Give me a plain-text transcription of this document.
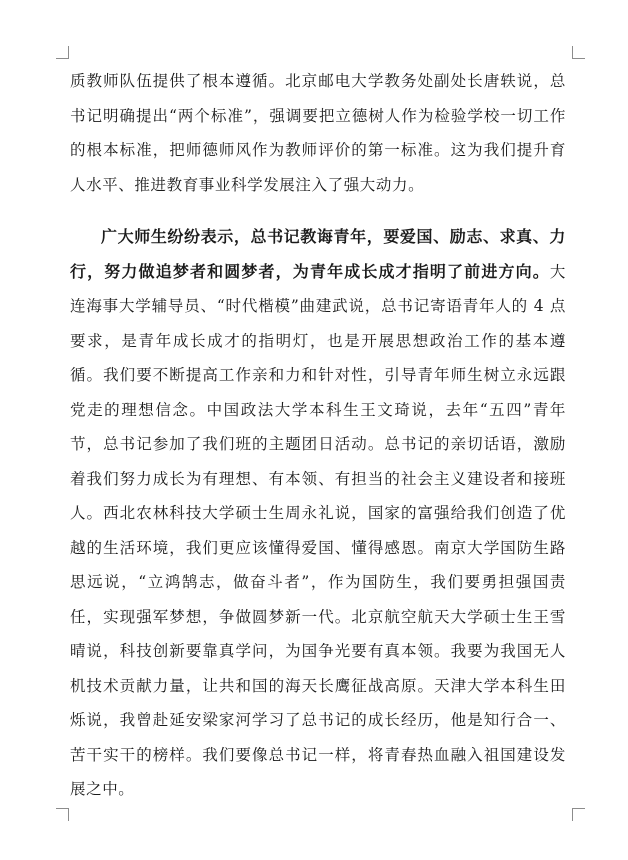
质教师队伍提供了根本遵循。北京邮电大学教务处副处长唐轶说，总书记明确提出“两个标准”，强调要把立德树人作为检验学校一切工作的根本标准，把师德师风作为教师评价的第一标准。这为我们提升育人水平、推进教育事业科学发展注入了强大动力。

广大师生纷纷表示，总书记教诲青年，要爱国、励志、求真、力行，努力做追梦者和圆梦者，为青年成长成才指明了前进方向。大连海事大学辅导员、“时代楷模”曲建武说，总书记寄语青年人的 4 点要求，是青年成长成才的指明灯，也是开展思想政治工作的基本遵循。我们要不断提高工作亲和力和针对性，引导青年师生树立永远跟党走的理想信念。中国政法大学本科生王文琦说，去年“五四”青年节，总书记参加了我们班的主题团日活动。总书记的亲切话语，激励着我们努力成长为有理想、有本领、有担当的社会主义建设者和接班人。西北农林科技大学硕士生周永礼说，国家的富强给我们创造了优越的生活环境，我们更应该懂得爱国、懂得感恩。南京大学国防生路思远说，“立鸿鹄志，做奋斗者”，作为国防生，我们要勇担强国责任，实现强军梦想，争做圆梦新一代。北京航空航天大学硕士生王雪晴说，科技创新要靠真学问，为国争光要有真本领。我要为我国无人机技术贡献力量，让共和国的海天长鹰征战高原。天津大学本科生田烁说，我曾赴延安梁家河学习了总书记的成长经历，他是知行合一、苦干实干的榜样。我们要像总书记一样，将青春热血融入祖国建设发展之中。
